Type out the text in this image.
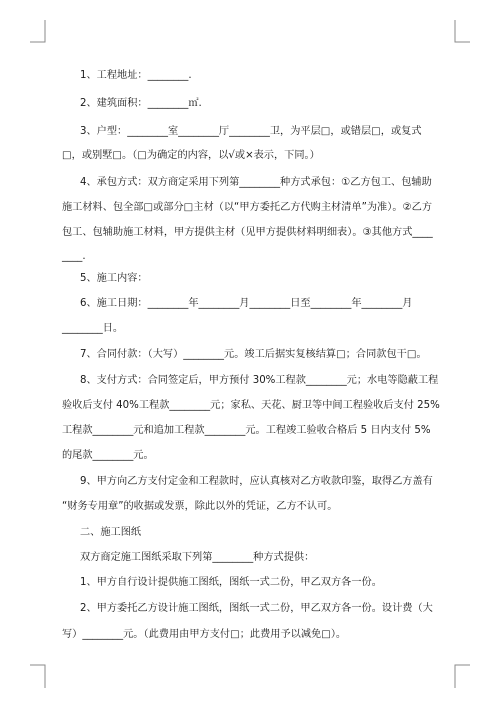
1、工程地址：________.
2、建筑面积：________㎡.
3、户型：________室________厅________卫，为平层□，或错层□，或复式
□，或别墅□。（□为确定的内容，以√或×表示，下同。）
4、承包方式：双方商定采用下列第________种方式承包：①乙方包工、包辅助
施工材料、包全部□或部分□主材（以“甲方委托乙方代购主材清单”为准）。②乙方
包工、包辅助施工材料，甲方提供主材（见甲方提供材料明细表）。③其他方式____
____.
5、施工内容：
6、施工日期：________年________月________日至________年________月
________日。
7、合同付款：（大写）________元。竣工后据实复核结算□；合同款包干□。
8、支付方式：合同签定后，甲方预付 30%工程款________元；水电等隐蔽工程
验收后支付 40%工程款________元；家私、天花、厨卫等中间工程验收后支付 25%
工程款________元和追加工程款________元。工程竣工验收合格后 5 日内支付 5%
的尾款________元。
9、甲方向乙方支付定金和工程款时，应认真核对乙方收款印鉴，取得乙方盖有
“财务专用章”的收据或发票，除此以外的凭证，乙方不认可。
二、施工图纸
双方商定施工图纸采取下列第________种方式提供：
1、甲方自行设计提供施工图纸，图纸一式二份，甲乙双方各一份。
2、甲方委托乙方设计施工图纸，图纸一式二份，甲乙双方各一份。设计费（大
写）________元。（此费用由甲方支付□；此费用予以减免□）。
